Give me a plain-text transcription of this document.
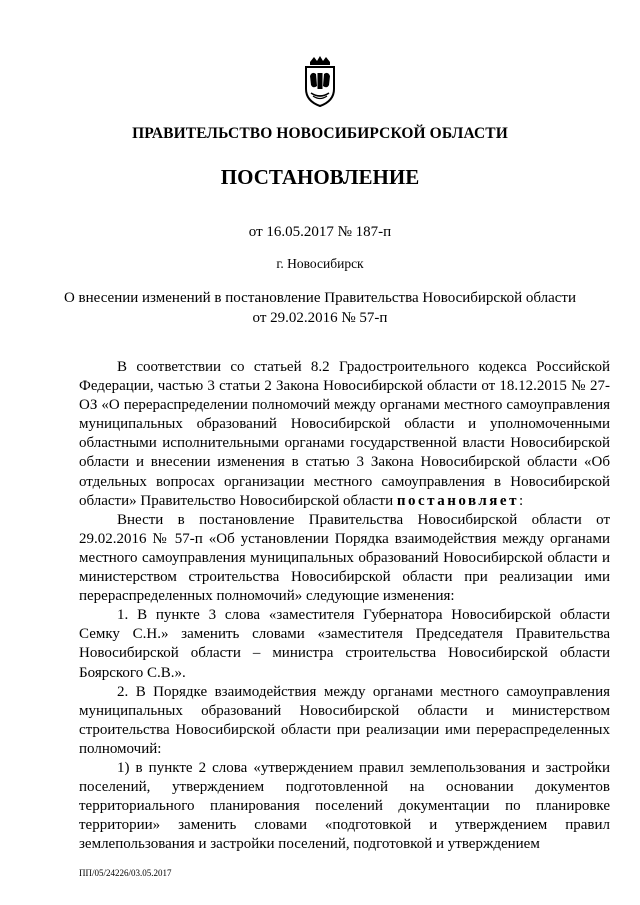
ПРАВИТЕЛЬСТВО НОВОСИБИРСКОЙ ОБЛАСТИ
ПОСТАНОВЛЕНИЕ
от 16.05.2017 № 187-п
г. Новосибирск
О внесении изменений в постановление Правительства Новосибирской области
от 29.02.2016 № 57-п

В соответствии со статьей 8.2 Градостроительного кодекса Российской Федерации, частью 3 статьи 2 Закона Новосибирской области от 18.12.2015 № 27-ОЗ «О перераспределении полномочий между органами местного самоуправления муниципальных образований Новосибирской области и уполномоченными областными исполнительными органами государственной власти Новосибирской области и внесении изменения в статью 3 Закона Новосибирской области «Об отдельных вопросах организации местного самоуправления в Новосибирской области» Правительство Новосибирской области постановляет:

Внести в постановление Правительства Новосибирской области от 29.02.2016 № 57-п «Об установлении Порядка взаимодействия между органами местного самоуправления муниципальных образований Новосибирской области и министерством строительства Новосибирской области при реализации ими перераспределенных полномочий» следующие изменения:

1. В пункте 3 слова «заместителя Губернатора Новосибирской области Семку С.Н.» заменить словами «заместителя Председателя Правительства Новосибирской области – министра строительства Новосибирской области Боярского С.В.».

2. В Порядке взаимодействия между органами местного самоуправления муниципальных образований Новосибирской области и министерством строительства Новосибирской области при реализации ими перераспределенных полномочий:

1) в пункте 2 слова «утверждением правил землепользования и застройки поселений, утверждением подготовленной на основании документов территориального планирования поселений документации по планировке территории» заменить словами «подготовкой и утверждением правил землепользования и застройки поселений, подготовкой и утверждением

ПП/05/24226/03.05.2017
